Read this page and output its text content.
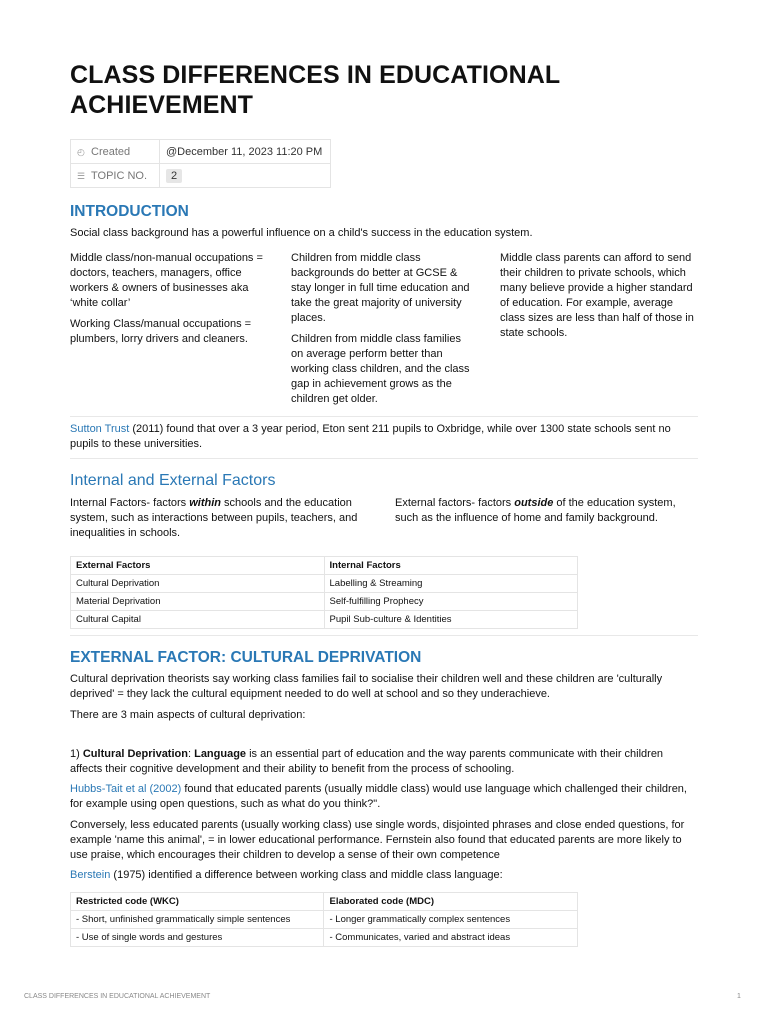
CLASS DIFFERENCES IN EDUCATIONAL ACHIEVEMENT
◴ Created	@December 11, 2023 11:20 PM
☰ TOPIC NO.	2
INTRODUCTION

Social class background has a powerful influence on a child's success in the education system.

Middle class/non-manual occupations = doctors, teachers, managers, office workers & owners of businesses aka ‘white collar’

Working Class/manual occupations = plumbers, lorry drivers and cleaners.

Children from middle class backgrounds do better at GCSE & stay longer in full time education and take the great majority of university places.

Children from middle class families on average perform better than working class children, and the class gap in achievement grows as the children get older.

Middle class parents can afford to send their children to private schools, which many believe provide a higher standard of education. For example, average class sizes are less than half of those in state schools.

Sutton Trust (2011) found that over a 3 year period, Eton sent 211 pupils to Oxbridge, while over 1300 state schools sent no pupils to these universities.

Internal and External Factors

Internal Factors- factors within schools and the education system, such as interactions between pupils, teachers, and inequalities in schools.

External factors- factors outside of the education system, such as the influence of home and family background.

External Factors	Internal Factors
Cultural Deprivation	Labelling & Streaming
Material Deprivation	Self-fulfilling Prophecy
Cultural Capital	Pupil Sub-culture & Identities
EXTERNAL FACTOR: CULTURAL DEPRIVATION

Cultural deprivation theorists say working class families fail to socialise their children well and these children are 'culturally deprived' = they lack the cultural equipment needed to do well at school and so they underachieve.

There are 3 main aspects of cultural deprivation:

1) Cultural Deprivation: Language is an essential part of education and the way parents communicate with their children affects their cognitive development and their ability to benefit from the process of schooling.

Hubbs-Tait et al (2002) found that educated parents (usually middle class) would use language which challenged their children, for example using open questions, such as what do you think?".

Conversely, less educated parents (usually working class) use single words, disjointed phrases and close ended questions, for example 'name this animal', = in lower educational performance. Fernstein also found that educated parents are more likely to use praise, which encourages their children to develop a sense of their own competence

Berstein (1975) identified a difference between working class and middle class language:

Restricted code (WKC)	Elaborated code (MDC)
- Short, unfinished grammatically simple sentences	- Longer grammatically complex sentences
- Use of single words and gestures	- Communicates, varied and abstract ideas
CLASS DIFFERENCES IN EDUCATIONAL ACHIEVEMENT	1
